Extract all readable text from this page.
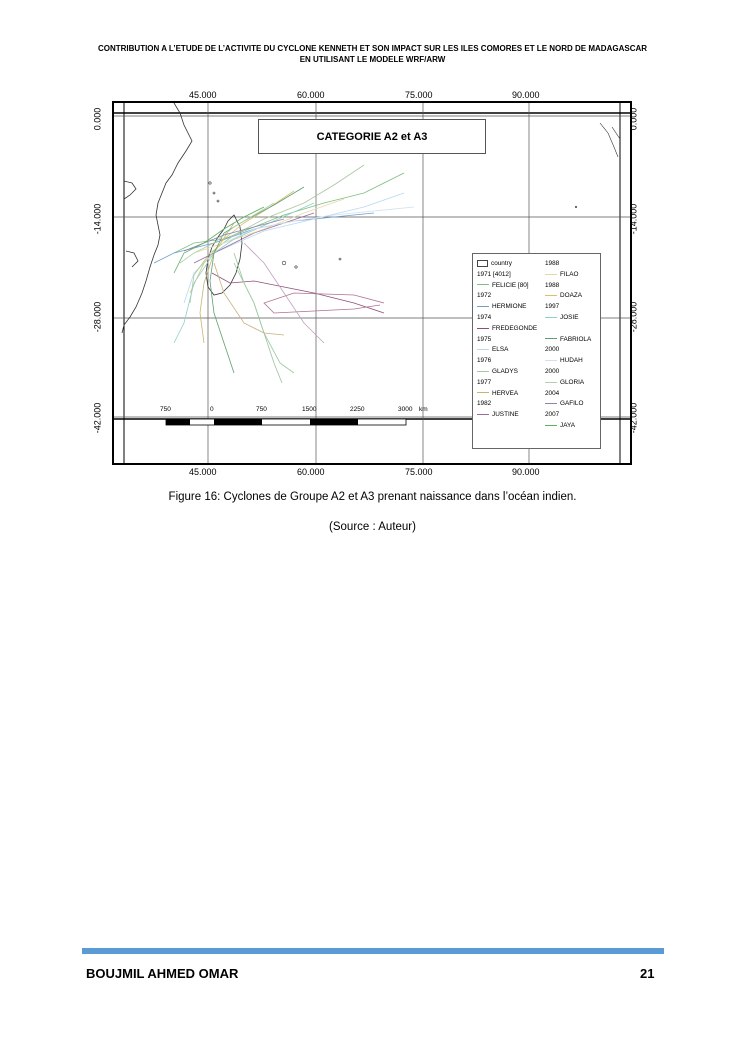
CONTRIBUTION A L’ETUDE DE L’ACTIVITE DU CYCLONE KENNETH ET SON IMPACT SUR LES ILES COMORES ET LE NORD DE MADAGASCAR
EN UTILISANT LE MODELE WRF/ARW
45.000	60.000	75.000	90.000
45.000	60.000	75.000	90.000
0.000
-14.000
-28.000
-42.000
0.000
-14.000
-28.000
-42.000
750	0	750	1500	2250	3000 km
CATEGORIE A2 et A3
country
1971 [4012]
FELICIE [80]
1972
HERMIONE
1974
FREDEGONDE
1975
ELSA
1976
GLADYS
1977
HERVEA
1982
JUSTINE
1988
FILAO
1988
DOAZA
1997
JOSIE
FABRIOLA
2000
HUDAH
2000
GLORIA
2004
GAFILO
2007
JAYA
Figure 16: Cyclones de Groupe A2 et A3 prenant naissance dans l’océan indien.
(Source : Auteur)
BOUJMIL AHMED OMAR	21
